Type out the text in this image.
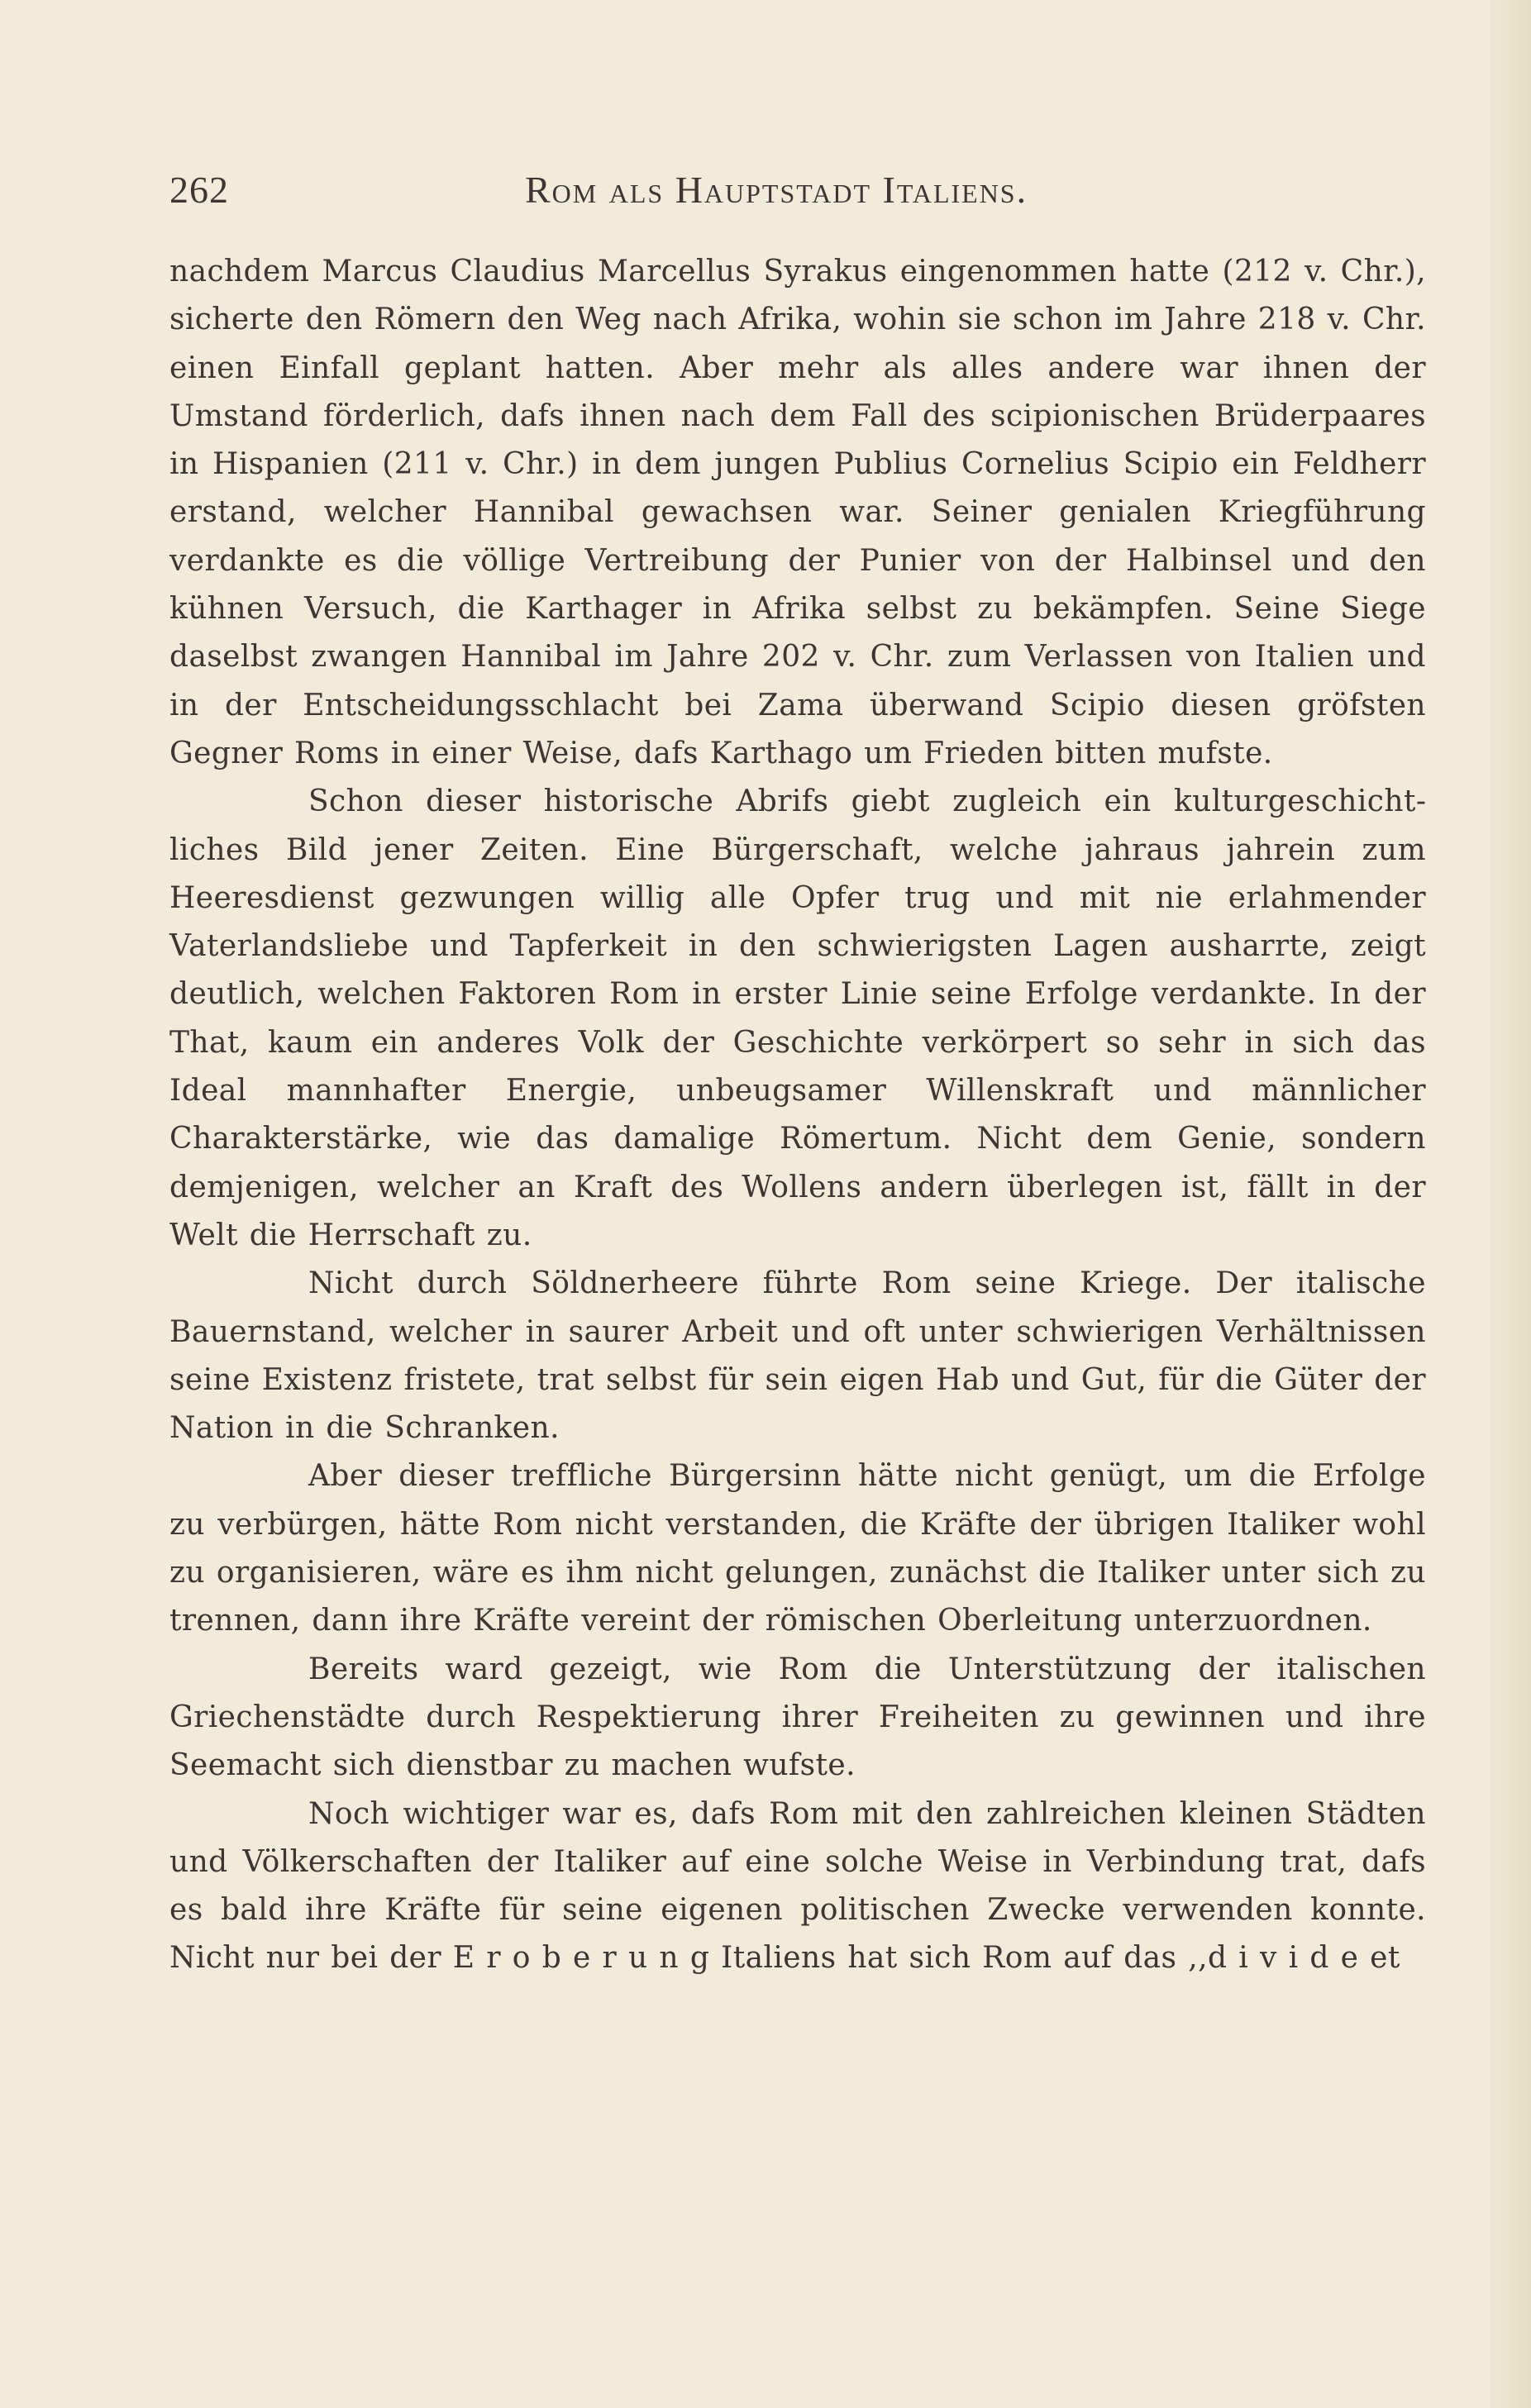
262	Rom als Hauptstadt Italiens.

nachdem Marcus Claudius Marcellus Syrakus eingenommen hatte (212 v. Chr.), sicherte den Römern den Weg nach Afrika, wohin sie schon im Jahre 218 v. Chr. einen Einfall geplant hatten. Aber mehr als alles andere war ihnen der Umstand förderlich, dafs ihnen nach dem Fall des scipionischen Brüderpaares in Hispanien (211 v. Chr.) in dem jungen Publius Cornelius Scipio ein Feldherr erstand, welcher Hannibal gewachsen war. Seiner genialen Kriegführung verdankte es die völlige Vertreibung der Punier von der Halbinsel und den kühnen Versuch, die Karthager in Afrika selbst zu bekämpfen. Seine Siege daselbst zwangen Hannibal im Jahre 202 v. Chr. zum Verlassen von Italien und in der Entscheidungsschlacht bei Zama überwand Scipio diesen gröfsten Gegner Roms in einer Weise, dafs Karthago um Frieden bitten mufste.

Schon dieser historische Abrifs giebt zugleich ein kulturgeschichtliches Bild jener Zeiten. Eine Bürgerschaft, welche jahraus jahrein zum Heeresdienst gezwungen willig alle Opfer trug und mit nie erlahmender Vaterlandsliebe und Tapferkeit in den schwierigsten Lagen ausharrte, zeigt deutlich, welchen Faktoren Rom in erster Linie seine Erfolge verdankte. In der That, kaum ein anderes Volk der Geschichte verkörpert so sehr in sich das Ideal mannhafter Energie, unbeugsamer Willenskraft und männlicher Charakterstärke, wie das damalige Römertum. Nicht dem Genie, sondern demjenigen, welcher an Kraft des Wollens andern überlegen ist, fällt in der Welt die Herrschaft zu.

Nicht durch Söldnerheere führte Rom seine Kriege. Der italische Bauernstand, welcher in saurer Arbeit und oft unter schwierigen Verhältnissen seine Existenz fristete, trat selbst für sein eigen Hab und Gut, für die Güter der Nation in die Schranken.

Aber dieser treffliche Bürgersinn hätte nicht genügt, um die Erfolge zu verbürgen, hätte Rom nicht verstanden, die Kräfte der übrigen Italiker wohl zu organisieren, wäre es ihm nicht gelungen, zunächst die Italiker unter sich zu trennen, dann ihre Kräfte vereint der römischen Oberleitung unterzuordnen.

Bereits ward gezeigt, wie Rom die Unterstützung der italischen Griechenstädte durch Respektierung ihrer Freiheiten zu gewinnen und ihre Seemacht sich dienstbar zu machen wufste.

Noch wichtiger war es, dafs Rom mit den zahlreichen kleinen Städten und Völkerschaften der Italiker auf eine solche Weise in Verbindung trat, dafs es bald ihre Kräfte für seine eigenen politischen Zwecke verwenden konnte. Nicht nur bei der E r o b e r u n g Italiens hat sich Rom auf das ,,d i v i d e et
